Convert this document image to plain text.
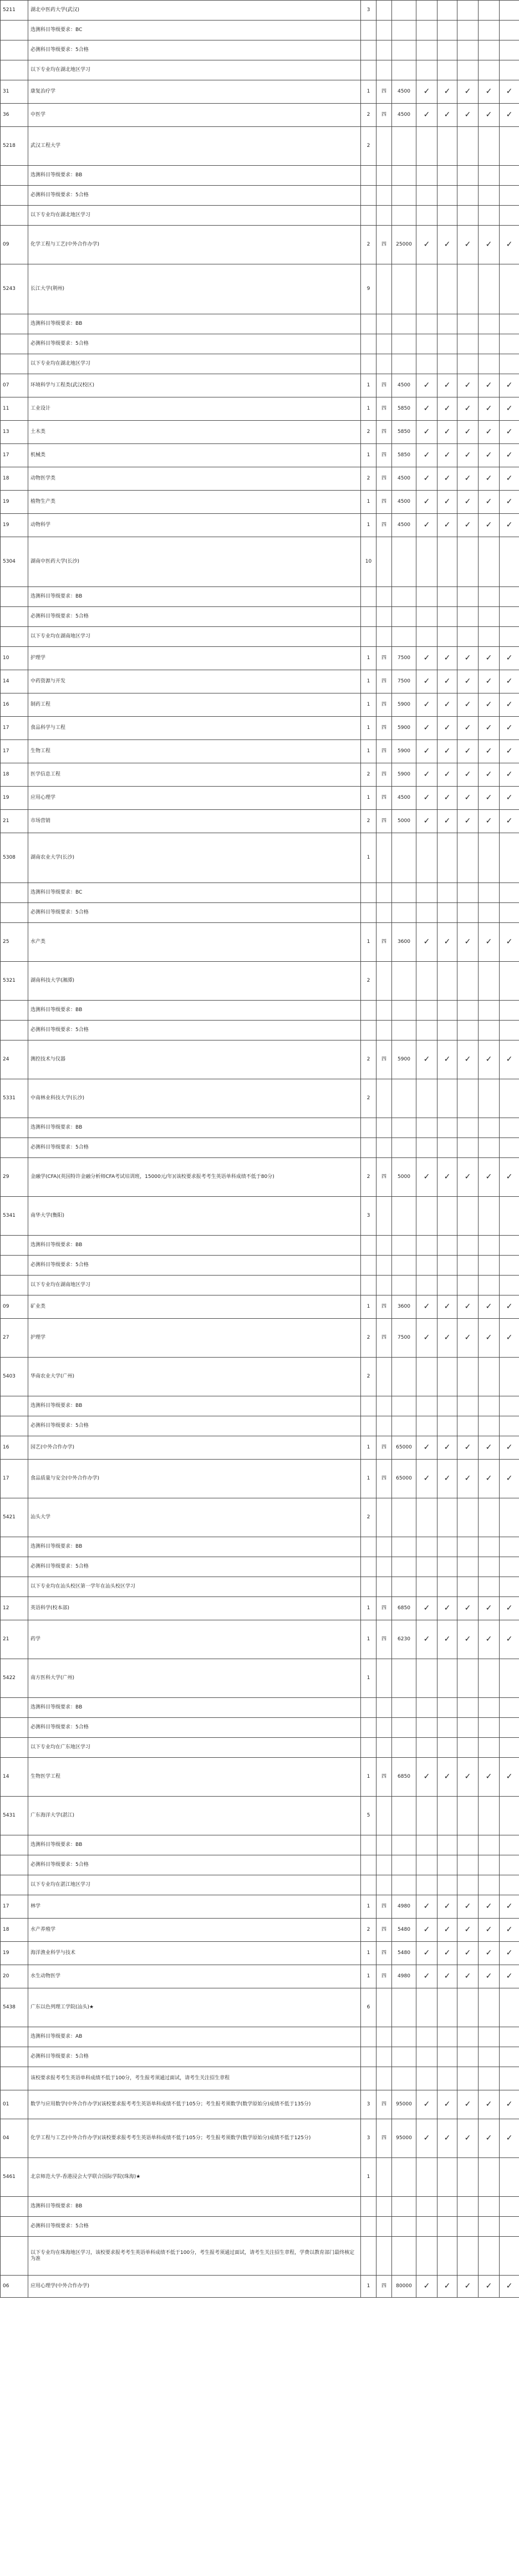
5211	湖北中医药大学(武汉)	3							
	选测科目等级要求：BC								
	必测科目等级要求：5合格								
	以下专业均在湖北地区学习								
31	康复治疗学	1	四	4500	✓	✓	✓	✓	✓
36	中医学	2	四	4500	✓	✓	✓	✓	✓
5218	武汉工程大学	2							
	选测科目等级要求：BB								
	必测科目等级要求：5合格								
	以下专业均在湖北地区学习								
09	化学工程与工艺(中外合作办学)	2	四	25000	✓	✓	✓	✓	✓
5243	长江大学(荆州)	9							
	选测科目等级要求：BB								
	必测科目等级要求：5合格								
	以下专业均在湖北地区学习								
07	环境科学与工程类(武汉校区)	1	四	4500	✓	✓	✓	✓	✓
11	工业设计	1	四	5850	✓	✓	✓	✓	✓
13	土木类	2	四	5850	✓	✓	✓	✓	✓
17	机械类	1	四	5850	✓	✓	✓	✓	✓
18	动物医学类	2	四	4500	✓	✓	✓	✓	✓
19	植物生产类	1	四	4500	✓	✓	✓	✓	✓
19	动物科学	1	四	4500	✓	✓	✓	✓	✓
5304	湖南中医药大学(长沙)	10							
	选测科目等级要求：BB								
	必测科目等级要求：5合格								
	以下专业均在湖南地区学习								
10	护理学	1	四	7500	✓	✓	✓	✓	✓
14	中药资源与开发	1	四	7500	✓	✓	✓	✓	✓
16	制药工程	1	四	5900	✓	✓	✓	✓	✓
17	食品科学与工程	1	四	5900	✓	✓	✓	✓	✓
17	生物工程	1	四	5900	✓	✓	✓	✓	✓
18	医学信息工程	2	四	5900	✓	✓	✓	✓	✓
19	应用心理学	1	四	4500	✓	✓	✓	✓	✓
21	市场营销	2	四	5000	✓	✓	✓	✓	✓
5308	湖南农业大学(长沙)	1							
	选测科目等级要求：BC								
	必测科目等级要求：5合格								
25	水产类	1	四	3600	✓	✓	✓	✓	✓
5321	湖南科技大学(湘潭)	2							
	选测科目等级要求：BB								
	必测科目等级要求：5合格								
24	测控技术与仪器	2	四	5900	✓	✓	✓	✓	✓
5331	中南林业科技大学(长沙)	2							
	选测科目等级要求：BB								
	必测科目等级要求：5合格								
29	金融学(CFA)(英国特许金融分析师CFA考试培训班，15000元/年)(该校要求报考考生英语单科成绩不低于80分)	2	四	5000	✓	✓	✓	✓	✓
5341	南华大学(衡阳)	3							
	选测科目等级要求：BB								
	必测科目等级要求：5合格								
	以下专业均在湖南地区学习								
09	矿业类	1	四	3600	✓	✓	✓	✓	✓
27	护理学	2	四	7500	✓	✓	✓	✓	✓
5403	华南农业大学(广州)	2							
	选测科目等级要求：BB								
	必测科目等级要求：5合格								
16	园艺(中外合作办学)	1	四	65000	✓	✓	✓	✓	✓
17	食品质量与安全(中外合作办学)	1	四	65000	✓	✓	✓	✓	✓
5421	汕头大学	2							
	选测科目等级要求：BB								
	必测科目等级要求：5合格								
	以下专业均在汕头校区第一学年在汕头校区学习								
12	英语科学(校本部)	1	四	6850	✓	✓	✓	✓	✓
21	药学	1	四	6230	✓	✓	✓	✓	✓
5422	南方医科大学(广州)	1							
	选测科目等级要求：BB								
	必测科目等级要求：5合格								
	以下专业均在广东地区学习								
14	生物医学工程	1	四	6850	✓	✓	✓	✓	✓
5431	广东海洋大学(湛江)	5							
	选测科目等级要求：BB								
	必测科目等级要求：5合格								
	以下专业均在湛江地区学习								
17	林学	1	四	4980	✓	✓	✓	✓	✓
18	水产养殖学	2	四	5480	✓	✓	✓	✓	✓
19	海洋渔业科学与技术	1	四	5480	✓	✓	✓	✓	✓
20	水生动物医学	1	四	4980	✓	✓	✓	✓	✓
5438	广东以色列理工学院(汕头)★	6							
	选测科目等级要求：AB								
	必测科目等级要求：5合格								
	该校要求报考考生英语单科成绩不低于100分，考生报考须通过面试，请考生关注招生章程								
01	数学与应用数学(中外合作办学)(该校要求报考考生英语单科成绩不低于105分；考生报考须数学(数学原始分)成绩不低于135分)	3	四	95000	✓	✓	✓	✓	✓
04	化学工程与工艺(中外合作办学)(该校要求报考考生英语单科成绩不低于105分；考生报考须数学(数学原始分)成绩不低于125分)	3	四	95000	✓	✓	✓	✓	✓
5461	北京师范大学-香港浸会大学联合国际学院(珠海)★	1							
	选测科目等级要求：BB								
	必测科目等级要求：5合格								
	以下专业均在珠海地区学习，该校要求报考考生英语单科成绩不低于100分，考生报考须通过面试，请考生关注招生章程，学费以教育部门最终核定为准								
06	应用心理学(中外合作办学)	1	四	80000	✓	✓	✓	✓	✓
